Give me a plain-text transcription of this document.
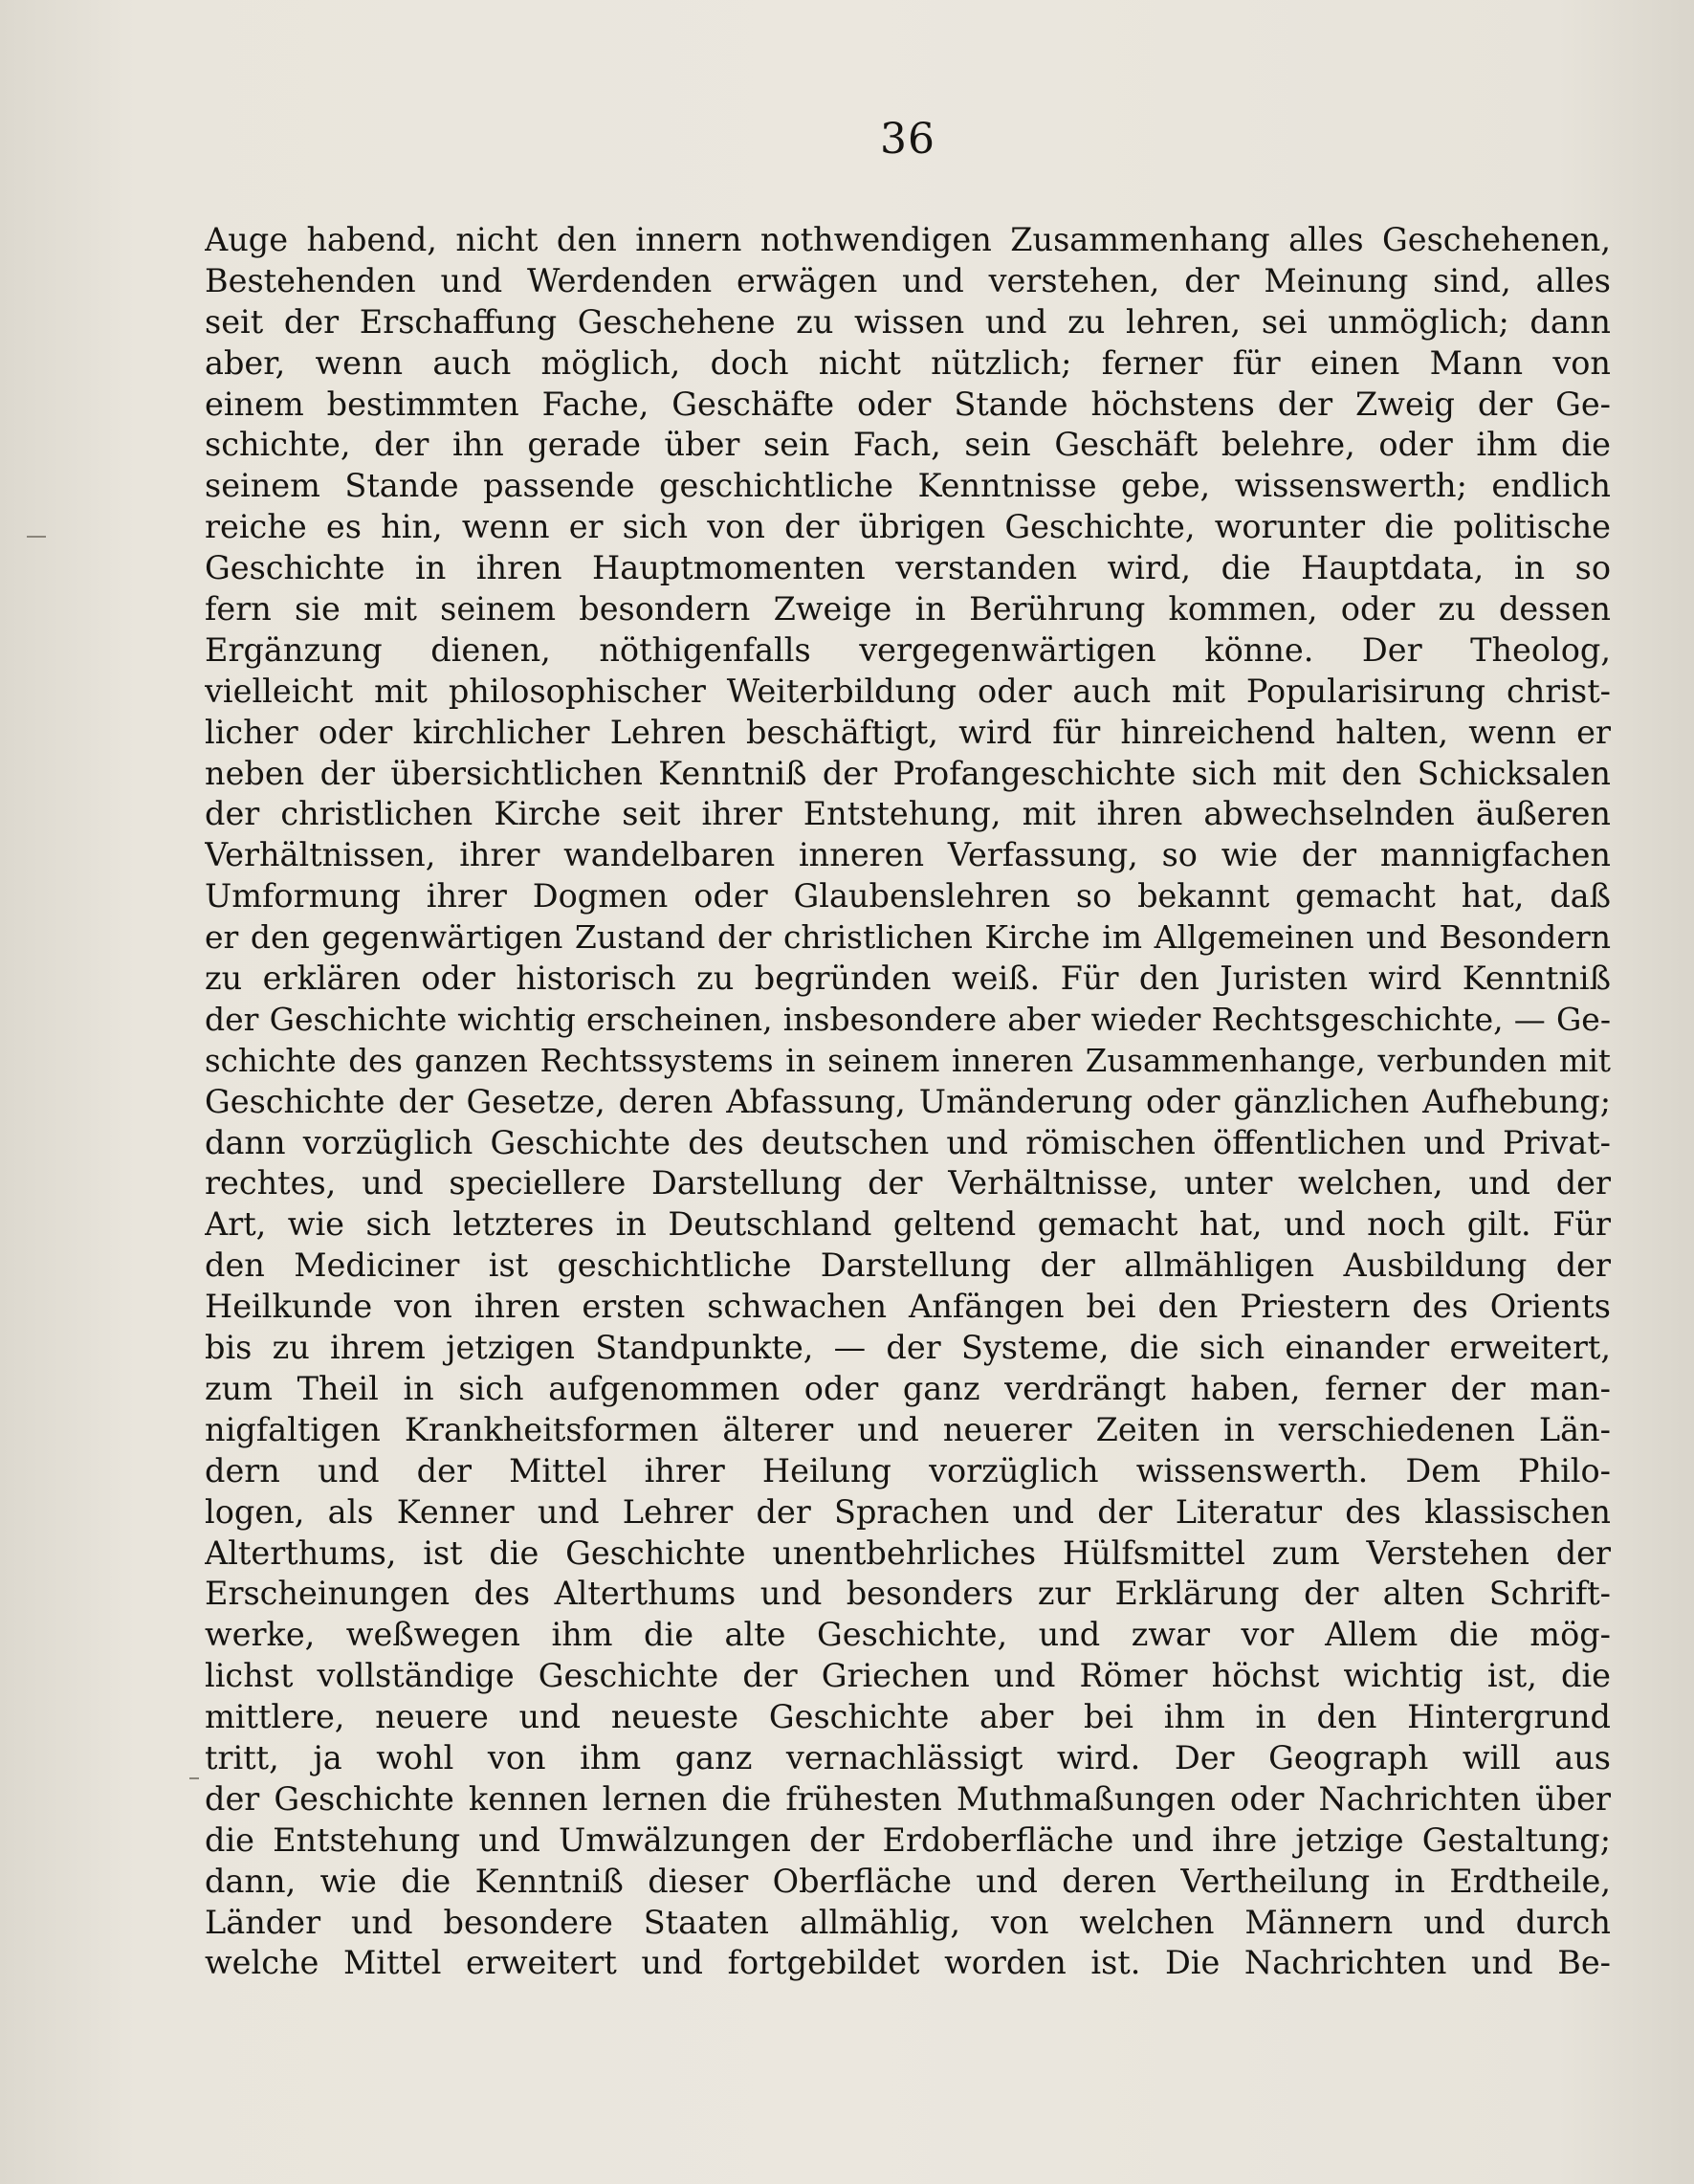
36
Auge habend, nicht den innern nothwendigen Zusammenhang alles Geschehenen,
Bestehenden und Werdenden erwägen und verstehen, der Meinung sind, alles
seit der Erschaffung Geschehene zu wissen und zu lehren, sei unmöglich; dann
aber, wenn auch möglich, doch nicht nützlich; ferner für einen Mann von
einem bestimmten Fache, Geschäfte oder Stande höchstens der Zweig der Ge-
schichte, der ihn gerade über sein Fach, sein Geschäft belehre, oder ihm die
seinem Stande passende geschichtliche Kenntnisse gebe, wissenswerth; endlich
reiche es hin, wenn er sich von der übrigen Geschichte, worunter die politische
Geschichte in ihren Hauptmomenten verstanden wird, die Hauptdata, in so
fern sie mit seinem besondern Zweige in Berührung kommen, oder zu dessen
Ergänzung dienen, nöthigenfalls vergegenwärtigen könne. Der Theolog,
vielleicht mit philosophischer Weiterbildung oder auch mit Popularisirung christ-
licher oder kirchlicher Lehren beschäftigt, wird für hinreichend halten, wenn er
neben der übersichtlichen Kenntniß der Profangeschichte sich mit den Schicksalen
der christlichen Kirche seit ihrer Entstehung, mit ihren abwechselnden äußeren
Verhältnissen, ihrer wandelbaren inneren Verfassung, so wie der mannigfachen
Umformung ihrer Dogmen oder Glaubenslehren so bekannt gemacht hat, daß
er den gegenwärtigen Zustand der christlichen Kirche im Allgemeinen und Besondern
zu erklären oder historisch zu begründen weiß. Für den Juristen wird Kenntniß
der Geschichte wichtig erscheinen, insbesondere aber wieder Rechtsgeschichte, — Ge-
schichte des ganzen Rechtssystems in seinem inneren Zusammenhange, verbunden mit
Geschichte der Gesetze, deren Abfassung, Umänderung oder gänzlichen Aufhebung;
dann vorzüglich Geschichte des deutschen und römischen öffentlichen und Privat-
rechtes, und speciellere Darstellung der Verhältnisse, unter welchen, und der
Art, wie sich letzteres in Deutschland geltend gemacht hat, und noch gilt. Für
den Mediciner ist geschichtliche Darstellung der allmähligen Ausbildung der
Heilkunde von ihren ersten schwachen Anfängen bei den Priestern des Orients
bis zu ihrem jetzigen Standpunkte, — der Systeme, die sich einander erweitert,
zum Theil in sich aufgenommen oder ganz verdrängt haben, ferner der man-
nigfaltigen Krankheitsformen älterer und neuerer Zeiten in verschiedenen Län-
dern und der Mittel ihrer Heilung vorzüglich wissenswerth. Dem Philo-
logen, als Kenner und Lehrer der Sprachen und der Literatur des klassischen
Alterthums, ist die Geschichte unentbehrliches Hülfsmittel zum Verstehen der
Erscheinungen des Alterthums und besonders zur Erklärung der alten Schrift-
werke, weßwegen ihm die alte Geschichte, und zwar vor Allem die mög-
lichst vollständige Geschichte der Griechen und Römer höchst wichtig ist, die
mittlere, neuere und neueste Geschichte aber bei ihm in den Hintergrund
tritt, ja wohl von ihm ganz vernachlässigt wird. Der Geograph will aus
der Geschichte kennen lernen die frühesten Muthmaßungen oder Nachrichten über
die Entstehung und Umwälzungen der Erdoberfläche und ihre jetzige Gestaltung;
dann, wie die Kenntniß dieser Oberfläche und deren Vertheilung in Erdtheile,
Länder und besondere Staaten allmählig, von welchen Männern und durch
welche Mittel erweitert und fortgebildet worden ist. Die Nachrichten und Be-
